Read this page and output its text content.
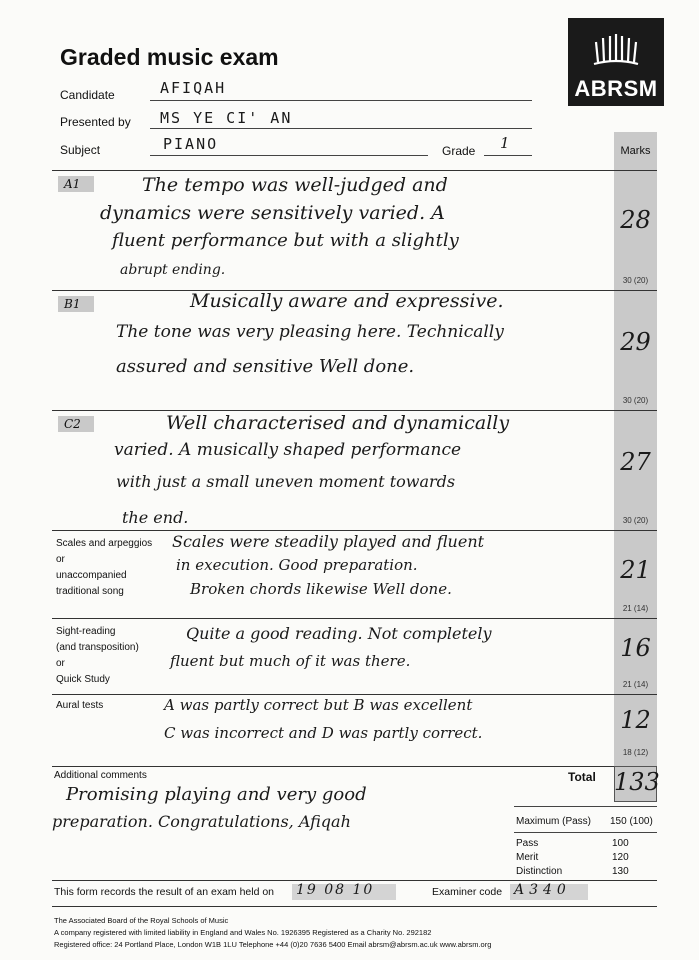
Graded music exam
ABRSM
Candidate	AFIQAH
Presented by MS YE CI' AN
Subject	PIANO	Grade 1	Marks
A1	The tempo was well-judged and
dynamics were sensitively varied. A
fluent performance but with a slightly
abrupt ending.
28
30 (20)
B1	Musically aware and expressive.
The tone was very pleasing here. Technically
assured and sensitive Well done.
29
30 (20)
C2	Well characterised and dynamically
varied. A musically shaped performance
with just a small uneven moment towards
the end.
27
30 (20)
Scales and arpeggios
or
unaccompanied
traditional song
Scales were steadily played and fluent
in execution. Good preparation.
Broken chords likewise Well done.
21
21 (14)
Sight-reading
(and transposition)
or
Quick Study
Quite a good reading. Not completely
fluent but much of it was there.	16
21 (14)
Aural tests	A was partly correct but B was excellent
C was incorrect and D was partly correct.	12
18 (12)
Additional comments
Promising playing and very good
preparation. Congratulations, Afiqah
Total 133
Maximum (Pass) 150 (100)
Pass	100
Merit	120
Distinction	130
This form records the result of an exam held on 19 08 10	Examiner code A340
The Associated Board of the Royal Schools of Music
A company registered with limited liability in England and Wales No. 1926395 Registered as a Charity No. 292182
Registered office: 24 Portland Place, London W1B 1LU Telephone +44 (0)20 7636 5400 Email abrsm@abrsm.ac.uk www.abrsm.org
